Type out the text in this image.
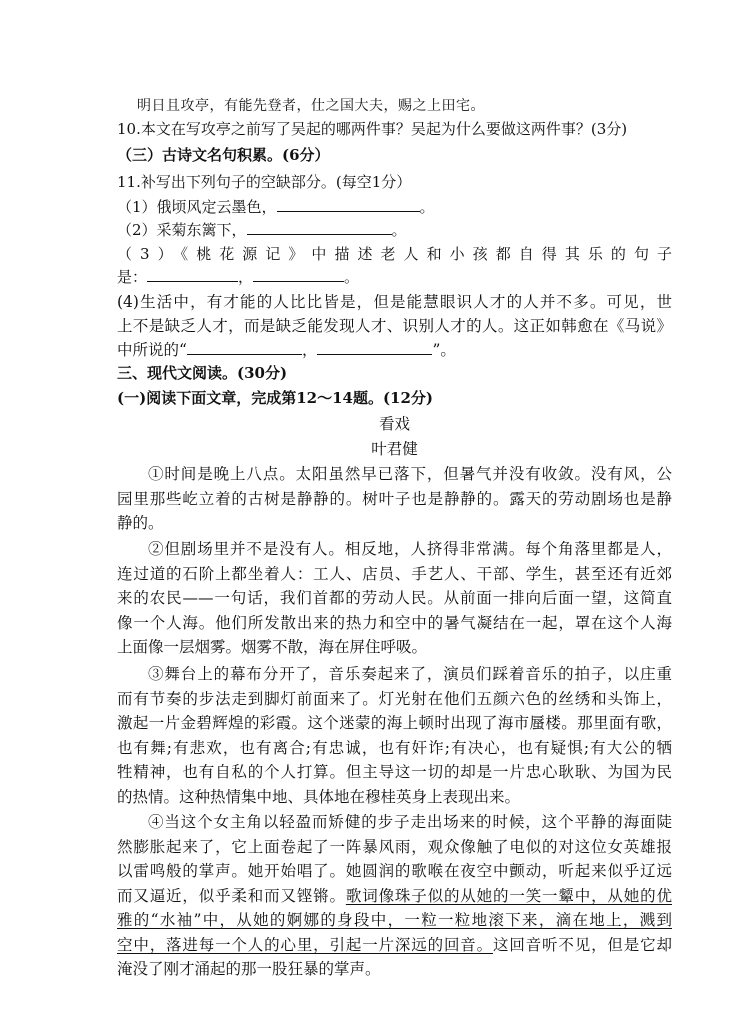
明日且攻亭，有能先登者，仕之国大夫，赐之上田宅。
10.本文在写攻亭之前写了吴起的哪两件事？吴起为什么要做这两件事？(3分)
（三）古诗文名句积累。(6分）
11.补写出下列句子的空缺部分。(每空1分）
（1）俄顷风定云墨色，	。
（2）采菊东篱下，	。
（3）《桃花源记》中描述老人和小孩都自得其乐的句子
是：	，	。
(4)生活中，有才能的人比比皆是，但是能慧眼识人才的人并不多。可见，世
上不是缺乏人才，而是缺乏能发现人才、识别人才的人。这正如韩愈在《马说》
中所说的“	，	”。
三、现代文阅读。(30分)
(一)阅读下面文章，完成第12～14题。(12分)
看戏
叶君健
①时间是晚上八点。太阳虽然早已落下，但暑气并没有收敛。没有风，公
园里那些屹立着的古树是静静的。树叶子也是静静的。露天的劳动剧场也是静
静的。
②但剧场里并不是没有人。相反地，人挤得非常满。每个角落里都是人，
连过道的石阶上都坐着人：工人、店员、手艺人、干部、学生，甚至还有近郊
来的农民——一句话，我们首都的劳动人民。从前面一排向后面一望，这简直
像一个人海。他们所发散出来的热力和空中的暑气凝结在一起，罩在这个人海
上面像一层烟雾。烟雾不散，海在屏住呼吸。
③舞台上的幕布分开了，音乐奏起来了，演员们踩着音乐的拍子，以庄重
而有节奏的步法走到脚灯前面来了。灯光射在他们五颜六色的丝绣和头饰上，
激起一片金碧辉煌的彩霞。这个迷蒙的海上顿时出现了海市蜃楼。那里面有歌，
也有舞;有悲欢，也有离合;有忠诚，也有奸诈;有决心，也有疑惧;有大公的牺
牲精神，也有自私的个人打算。但主导这一切的却是一片忠心耿耿、为国为民
的热情。这种热情集中地、具体地在穆桂英身上表现出来。
④当这个女主角以轻盈而矫健的步子走出场来的时候，这个平静的海面陡
然膨胀起来了，它上面卷起了一阵暴风雨，观众像触了电似的对这位女英雄报
以雷鸣般的掌声。她开始唱了。她圆润的歌喉在夜空中颤动，听起来似乎辽远
而又逼近，似乎柔和而又铿锵。歌词像珠子似的从她的一笑一颦中，从她的优
雅的“水袖”中，从她的婀娜的身段中，一粒一粒地滚下来，滴在地上，溅到
空中，落进每一个人的心里，引起一片深远的回音。这回音听不见，但是它却
淹没了刚才涌起的那一股狂暴的掌声。
